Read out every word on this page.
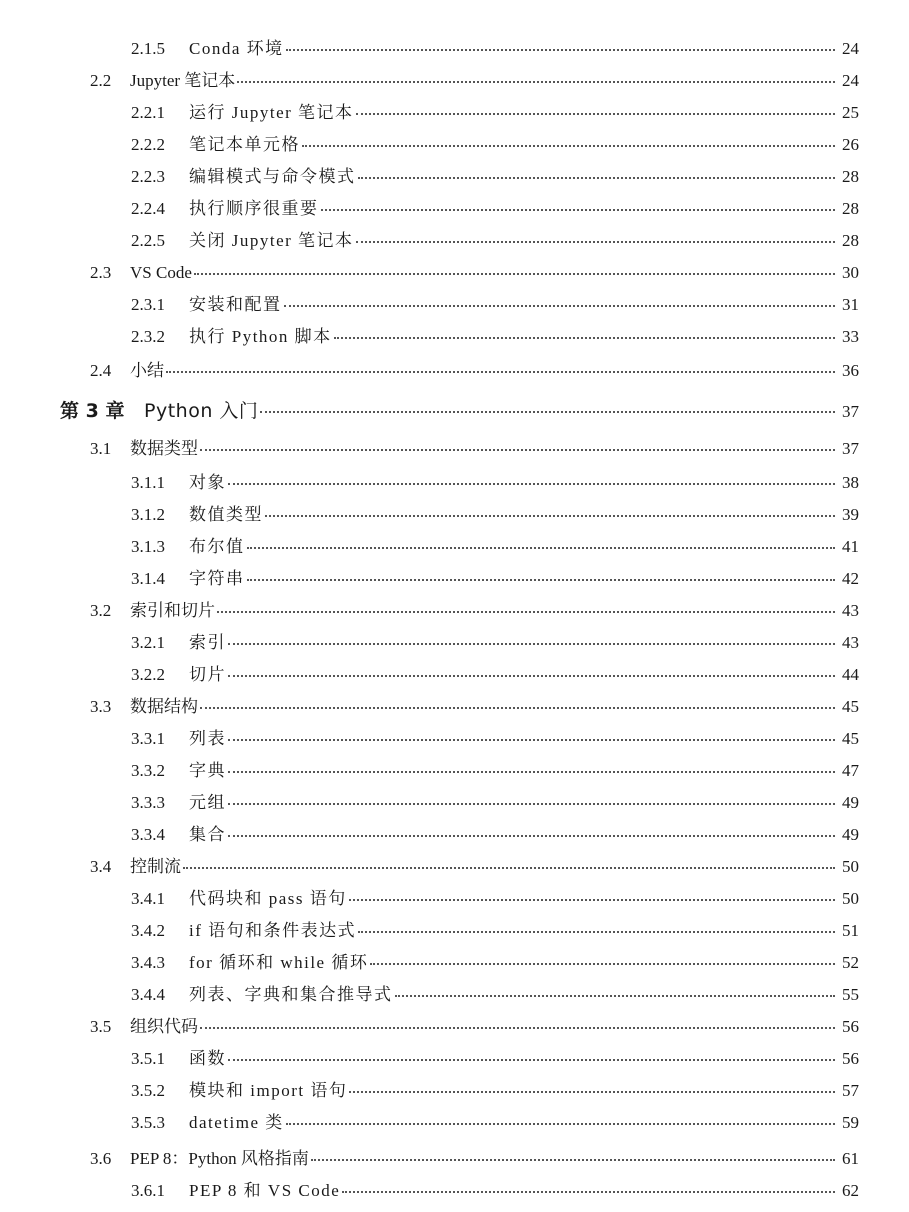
2.1.5	Conda 环境	24
2.2	Jupyter 笔记本	24
2.2.1	运行 Jupyter 笔记本	25
2.2.2	笔记本单元格	26
2.2.3	编辑模式与命令模式	28
2.2.4	执行顺序很重要	28
2.2.5	关闭 Jupyter 笔记本	28
2.3	VS Code	30
2.3.1	安装和配置	31
2.3.2	执行 Python 脚本	33
2.4	小结	36
第 3 章	Python 入门	37
3.1	数据类型	37
3.1.1	对象	38
3.1.2	数值类型	39
3.1.3	布尔值	41
3.1.4	字符串	42
3.2	索引和切片	43
3.2.1	索引	43
3.2.2	切片	44
3.3	数据结构	45
3.3.1	列表	45
3.3.2	字典	47
3.3.3	元组	49
3.3.4	集合	49
3.4	控制流	50
3.4.1	代码块和 pass 语句	50
3.4.2	if 语句和条件表达式	51
3.4.3	for 循环和 while 循环	52
3.4.4	列表、字典和集合推导式	55
3.5	组织代码	56
3.5.1	函数	56
3.5.2	模块和 import 语句	57
3.5.3	datetime 类	59
3.6	PEP 8：Python 风格指南	61
3.6.1	PEP 8 和 VS Code	62
